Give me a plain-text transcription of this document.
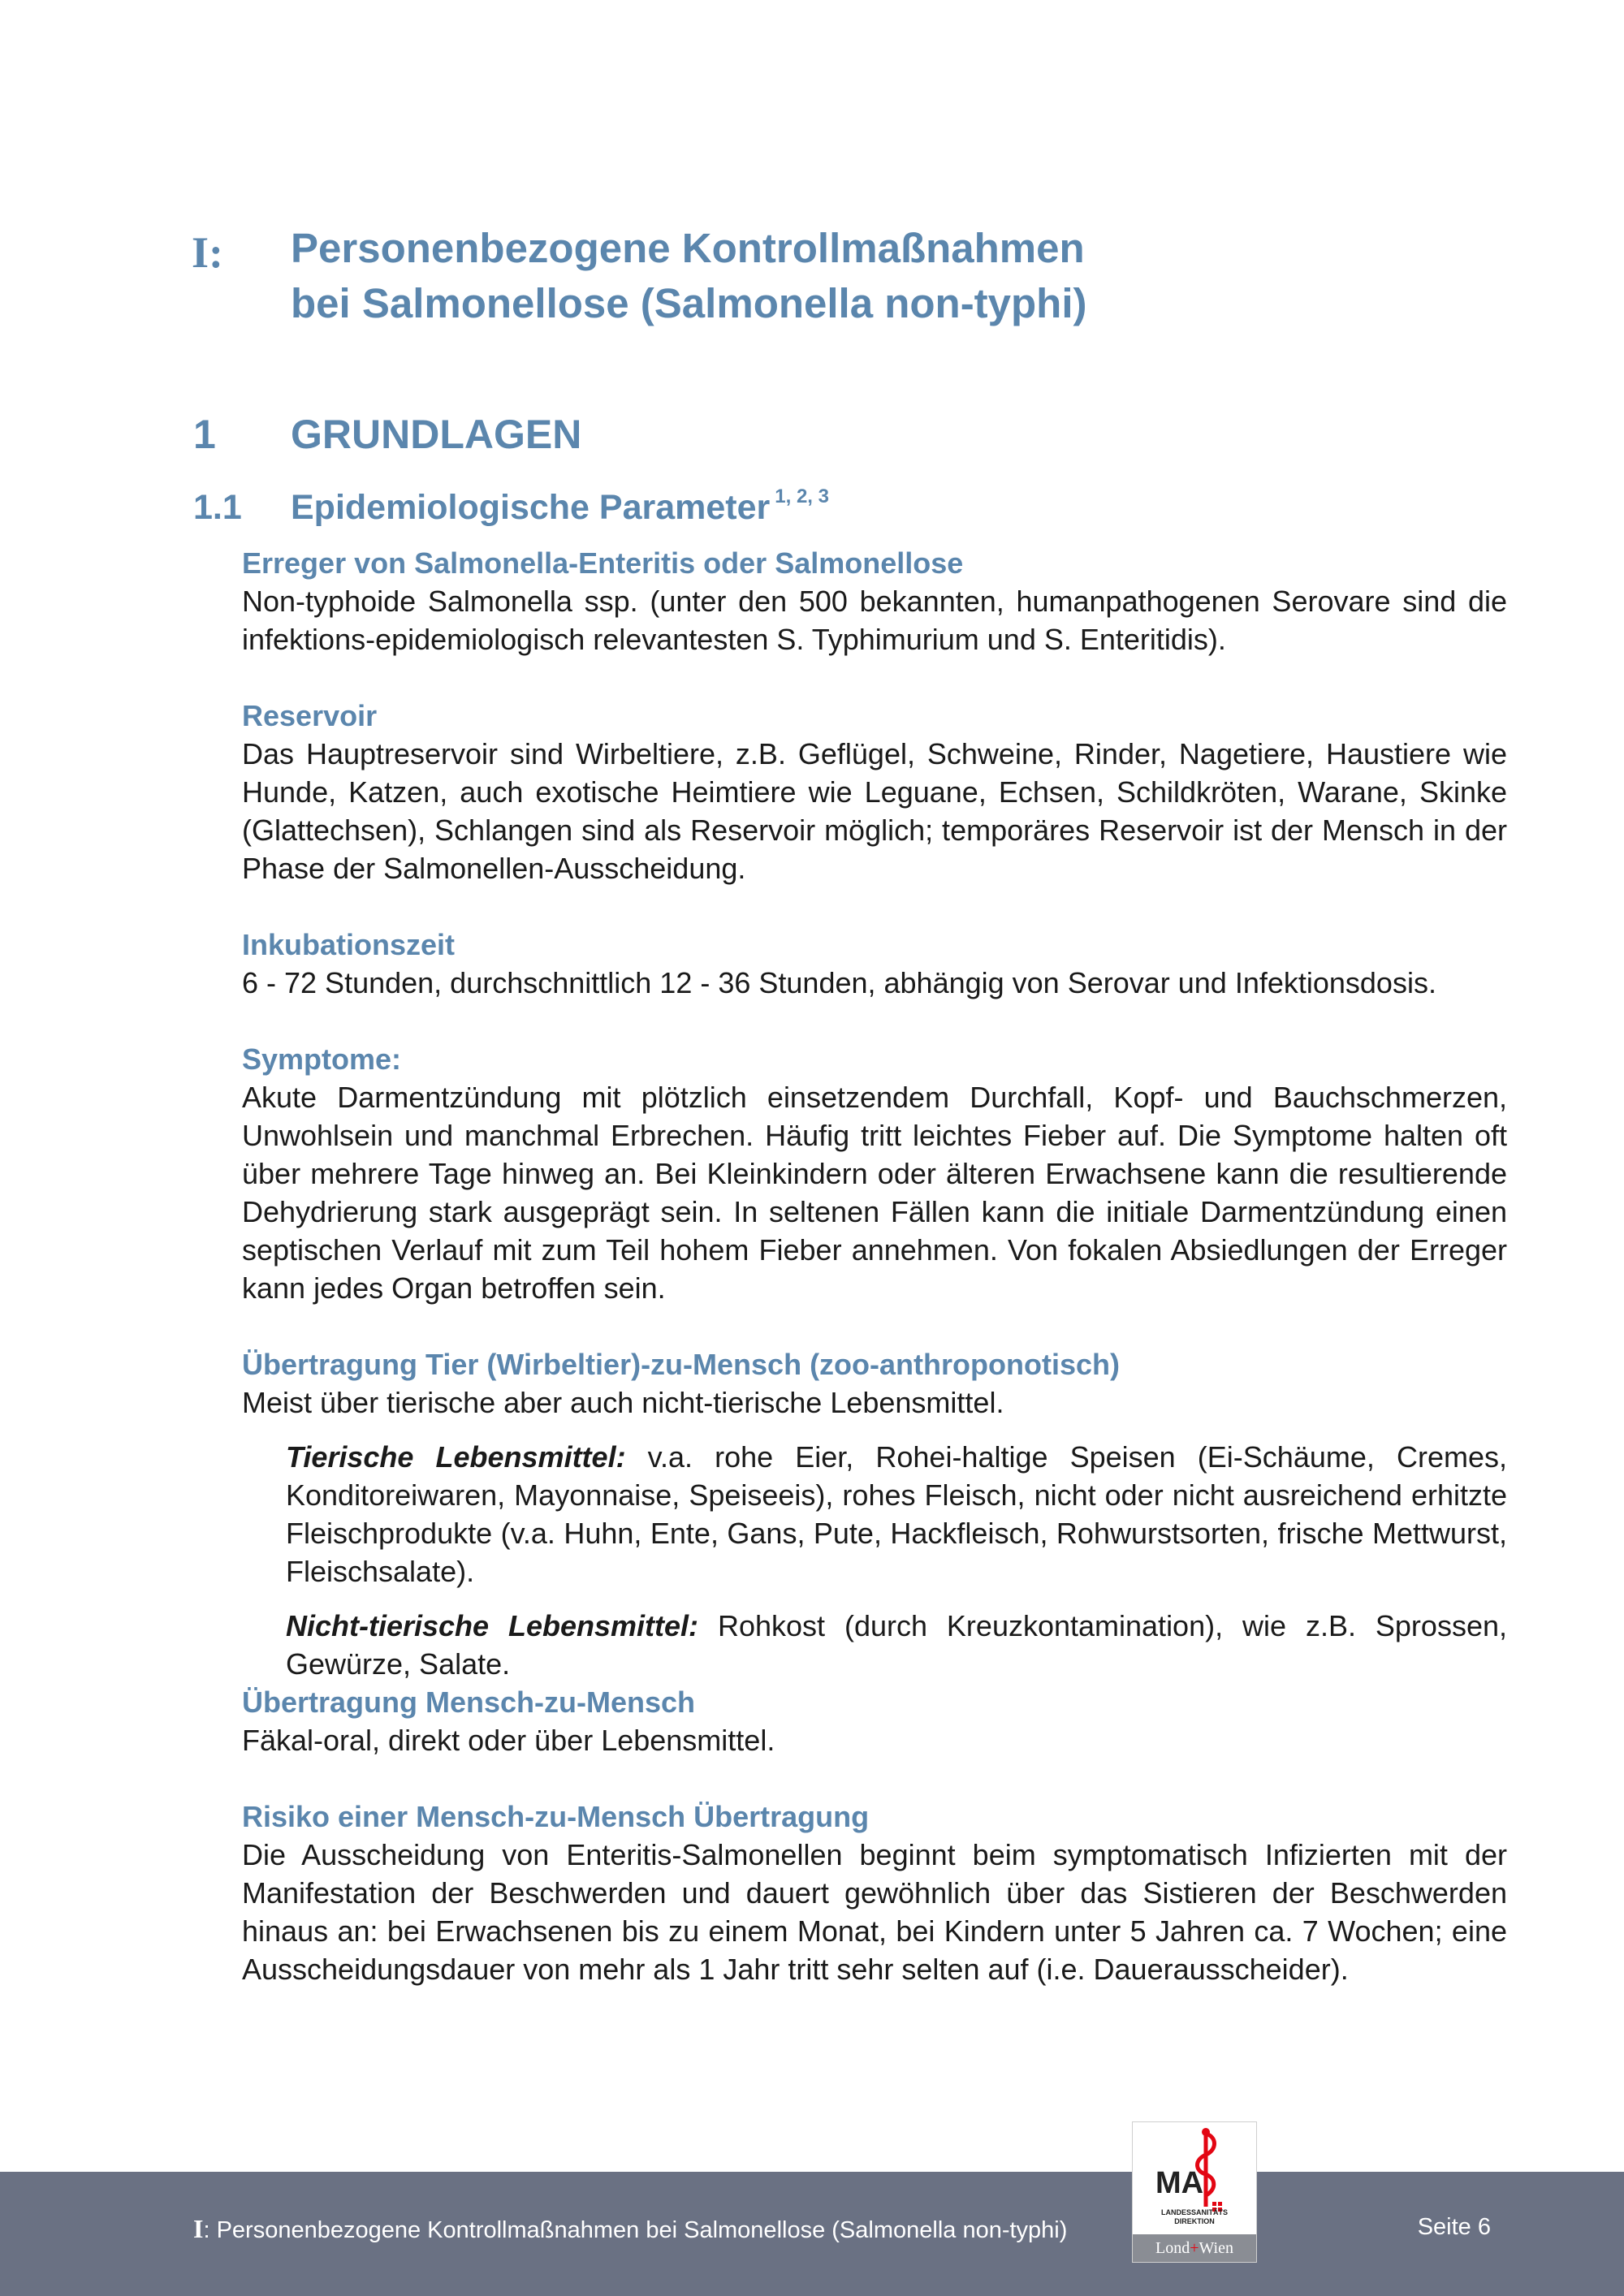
I: Personenbezogene Kontrollmaßnahmen
bei Salmonellose (Salmonella non-typhi)
1 GRUNDLAGEN
1.1 Epidemiologische Parameter $^{1, 2, 3}$
Erreger von Salmonella-Enteritis oder Salmonellose
Non-typhoide Salmonella ssp. (unter den 500 bekannten, humanpathogenen Serovare sind die infektions-epidemiologisch relevantesten S. Typhimurium und S. Enteritidis).
Reservoir
Das Hauptreservoir sind Wirbeltiere, z.B. Geflügel, Schweine, Rinder, Nagetiere, Haustiere wie Hunde, Katzen, auch exotische Heimtiere wie Leguane, Echsen, Schildkröten, Warane, Skinke (Glattechsen), Schlangen sind als Reservoir möglich; temporäres Reservoir ist der Mensch in der Phase der Salmonellen-Ausscheidung.
Inkubationszeit
6 - 72 Stunden, durchschnittlich 12 - 36 Stunden, abhängig von Serovar und Infektionsdosis.
Symptome:
Akute Darmentzündung mit plötzlich einsetzendem Durchfall, Kopf- und Bauchschmerzen, Unwohlsein und manchmal Erbrechen. Häufig tritt leichtes Fieber auf. Die Symptome halten oft über mehrere Tage hinweg an. Bei Kleinkindern oder älteren Erwachsene kann die resultierende Dehydrierung stark ausgeprägt sein. In seltenen Fällen kann die initiale Darmentzündung einen septischen Verlauf mit zum Teil hohem Fieber annehmen. Von fokalen Absiedlungen der Erreger kann jedes Organ betroffen sein.
Übertragung Tier (Wirbeltier)-zu-Mensch (zoo-anthroponotisch)
Meist über tierische aber auch nicht-tierische Lebensmittel.
Tierische Lebensmittel: v.a. rohe Eier, Rohei-haltige Speisen (Ei-Schäume, Cremes, Konditoreiwaren, Mayonnaise, Speiseeis), rohes Fleisch, nicht oder nicht ausreichend erhitzte Fleischprodukte (v.a. Huhn, Ente, Gans, Pute, Hackfleisch, Rohwurstsorten, frische Mettwurst, Fleischsalate).
Nicht-tierische Lebensmittel: Rohkost (durch Kreuzkontamination), wie z.B. Sprossen, Gewürze, Salate.
Übertragung Mensch-zu-Mensch
Fäkal-oral, direkt oder über Lebensmittel.
Risiko einer Mensch-zu-Mensch Übertragung
Die Ausscheidung von Enteritis-Salmonellen beginnt beim symptomatisch Infizierten mit der Manifestation der Beschwerden und dauert gewöhnlich über das Sistieren der Beschwerden hinaus an: bei Erwachsenen bis zu einem Monat, bei Kindern unter 5 Jahren ca. 7 Wochen; eine Ausscheidungsdauer von mehr als 1 Jahr tritt sehr selten auf (i.e. Dauerausscheider).
I: Personenbezogene Kontrollmaßnahmen bei Salmonellose (Salmonella non-typhi)	Seite 6
MA
LANDESSANITÄTS DIREKTION
Lond+Wien
